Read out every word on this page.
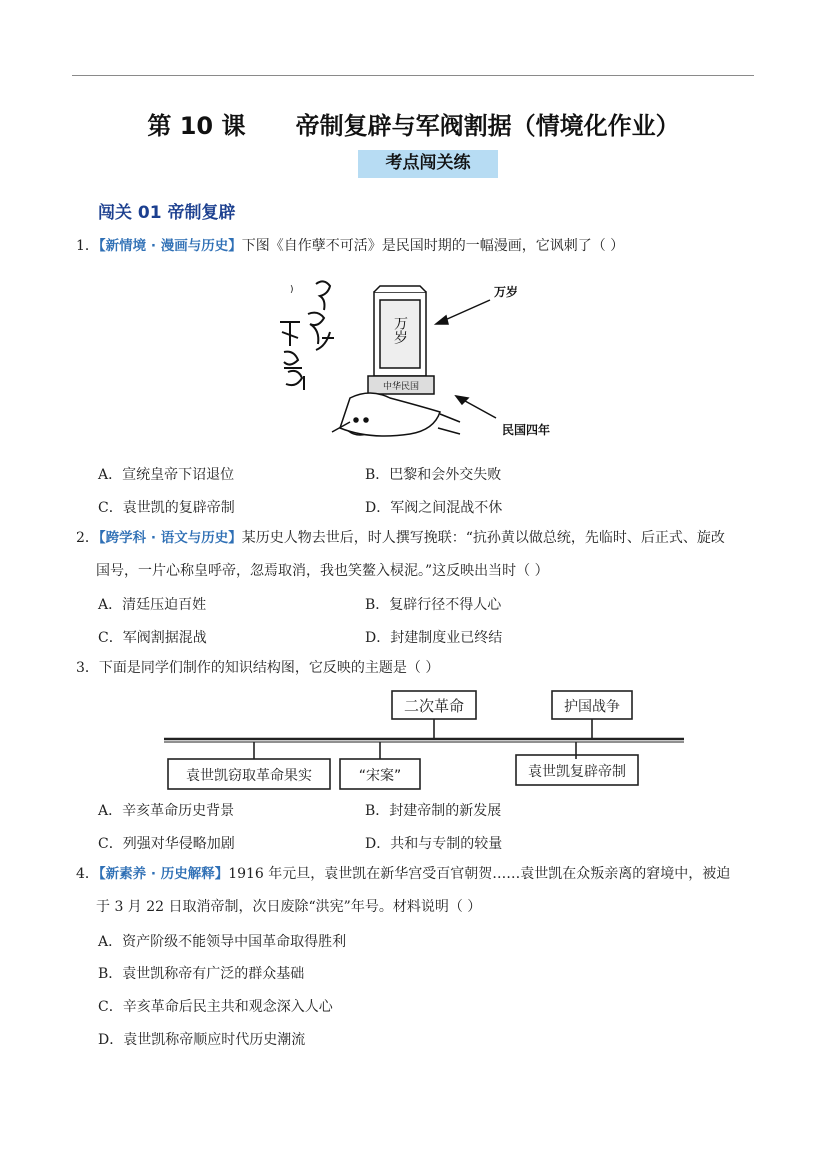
第 10 课      帝制复辟与军阀割据（情境化作业）
考点闯关练
闯关 01 帝制复辟
1．【新情境 · 漫画与历史】下图《自作孽不可活》是民国时期的一幅漫画，它讽刺了（ ）
)
万岁
中华民国
万岁
民国四年
A．宣统皇帝下诏退位	B．巴黎和会外交失败
C．袁世凯的复辟帝制	D．军阀之间混战不休
2．【跨学科 · 语文与历史】某历史人物去世后，时人撰写挽联：“抗孙黄以做总统，先临时、后正式、旋改
国号，一片心称皇呼帝，忽焉取消，我也笑鳌入棂泥。”这反映出当时（ ）
A．清廷压迫百姓	B．复辟行径不得人心
C．军阀割据混战	D．封建制度业已终结
3．下面是同学们制作的知识结构图，它反映的主题是（ ）
二次革命	护国战争
袁世凯窃取革命果实	“宋案”	袁世凯复辟帝制
A．辛亥革命历史背景	B．封建帝制的新发展
C．列强对华侵略加剧	D．共和与专制的较量
4．【新素养 · 历史解释】1916 年元旦，袁世凯在新华宫受百官朝贺……袁世凯在众叛亲离的窘境中，被迫
于 3 月 22 日取消帝制，次日废除“洪宪”年号。材料说明（ ）
A．资产阶级不能领导中国革命取得胜利
B．袁世凯称帝有广泛的群众基础
C．辛亥革命后民主共和观念深入人心
D．袁世凯称帝顺应时代历史潮流
